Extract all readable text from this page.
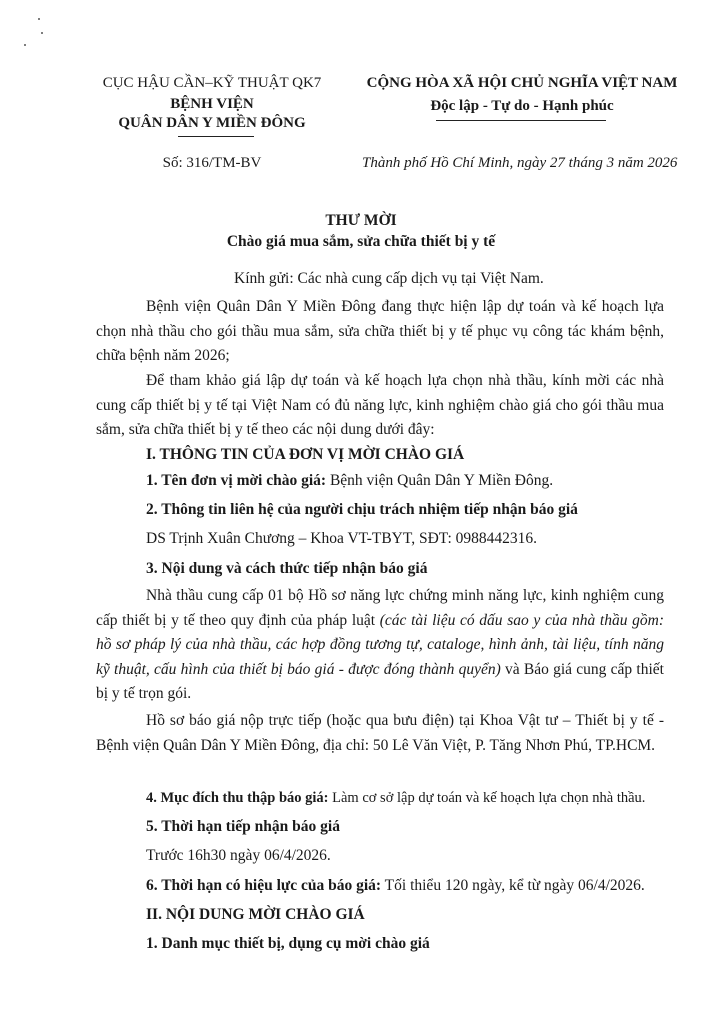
CỤC HẬU CẦN–KỸ THUẬT QK7
BỆNH VIỆN
QUÂN DÂN Y MIỀN ĐÔNG
Số: 316/TM-BV
CỘNG HÒA XÃ HỘI CHỦ NGHĨA VIỆT NAM
Độc lập - Tự do - Hạnh phúc
Thành phố Hồ Chí Minh, ngày 27 tháng 3 năm 2026
THƯ MỜI
Chào giá mua sắm, sửa chữa thiết bị y tế
Kính gửi: Các nhà cung cấp dịch vụ tại Việt Nam.
Bệnh viện Quân Dân Y Miền Đông đang thực hiện lập dự toán và kế hoạch lựa chọn nhà thầu cho gói thầu mua sắm, sửa chữa thiết bị y tế phục vụ công tác khám bệnh, chữa bệnh năm 2026;
Để tham khảo giá lập dự toán và kế hoạch lựa chọn nhà thầu, kính mời các nhà cung cấp thiết bị y tế tại Việt Nam có đủ năng lực, kinh nghiệm chào giá cho gói thầu mua sắm, sửa chữa thiết bị y tế theo các nội dung dưới đây:
I. THÔNG TIN CỦA ĐƠN VỊ MỜI CHÀO GIÁ
1. Tên đơn vị mời chào giá: Bệnh viện Quân Dân Y Miền Đông.
2. Thông tin liên hệ của người chịu trách nhiệm tiếp nhận báo giá
DS Trịnh Xuân Chương – Khoa VT-TBYT, SĐT: 0988442316.
3. Nội dung và cách thức tiếp nhận báo giá
Nhà thầu cung cấp 01 bộ Hồ sơ năng lực chứng minh năng lực, kinh nghiệm cung cấp thiết bị y tế theo quy định của pháp luật (các tài liệu có dấu sao y của nhà thầu gồm: hồ sơ pháp lý của nhà thầu, các hợp đồng tương tự, cataloge, hình ảnh, tài liệu, tính năng kỹ thuật, cấu hình của thiết bị báo giá - được đóng thành quyển) và Báo giá cung cấp thiết bị y tế trọn gói.
Hồ sơ báo giá nộp trực tiếp (hoặc qua bưu điện) tại Khoa Vật tư – Thiết bị y tế - Bệnh viện Quân Dân Y Miền Đông, địa chỉ: 50 Lê Văn Việt, P. Tăng Nhơn Phú, TP.HCM.
4. Mục đích thu thập báo giá: Làm cơ sở lập dự toán và kế hoạch lựa chọn nhà thầu.
5. Thời hạn tiếp nhận báo giá
Trước 16h30 ngày 06/4/2026.
6. Thời hạn có hiệu lực của báo giá: Tối thiểu 120 ngày, kể từ ngày 06/4/2026.
II. NỘI DUNG MỜI CHÀO GIÁ
1. Danh mục thiết bị, dụng cụ mời chào giá
